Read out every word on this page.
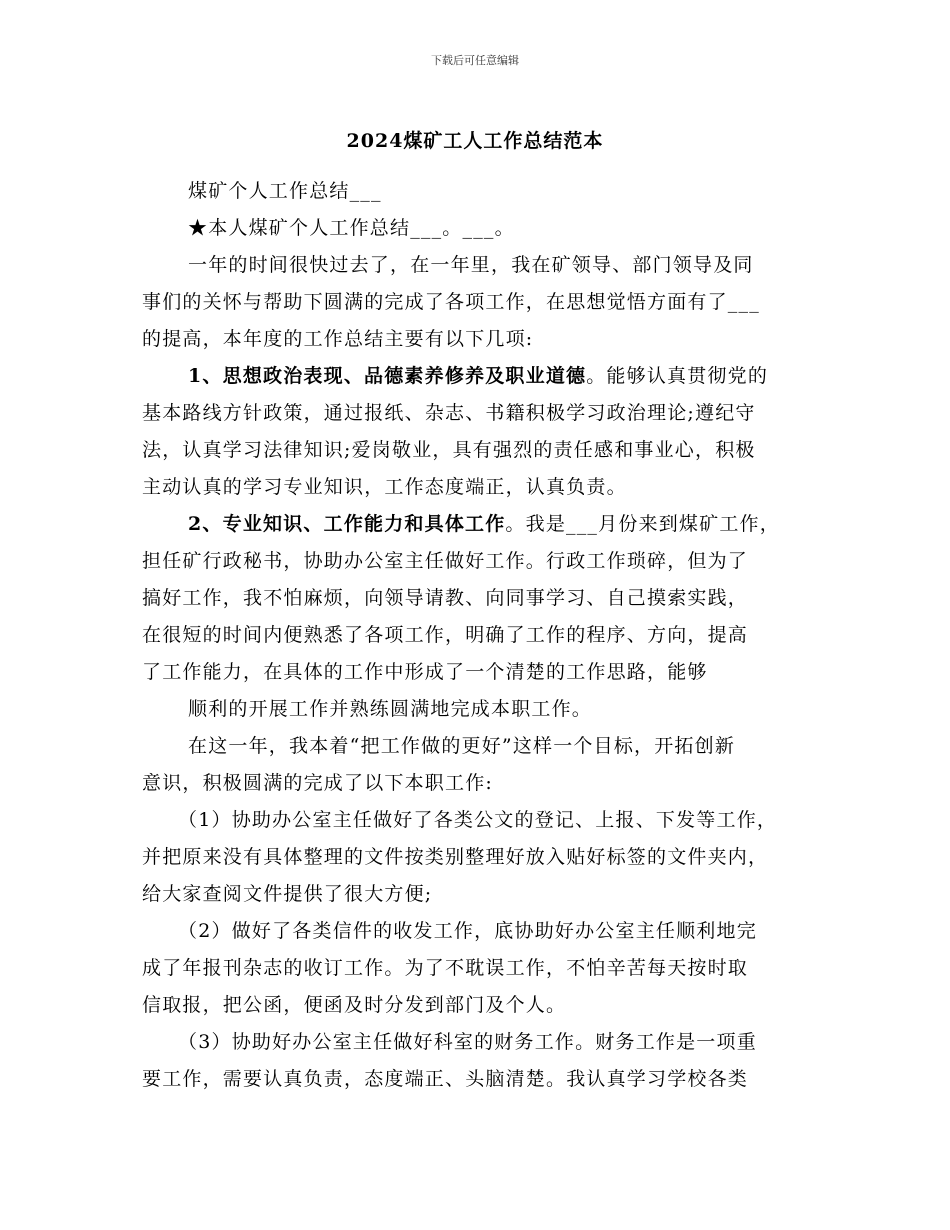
下载后可任意编辑
2024煤矿工人工作总结范本
煤矿个人工作总结___
★本人煤矿个人工作总结___。___。
一年的时间很快过去了，在一年里，我在矿领导、部门领导及同
事们的关怀与帮助下圆满的完成了各项工作，在思想觉悟方面有了___
的提高，本年度的工作总结主要有以下几项:
1、思想政治表现、品德素养修养及职业道德。能够认真贯彻党的
基本路线方针政策，通过报纸、杂志、书籍积极学习政治理论;遵纪守
法，认真学习法律知识;爱岗敬业，具有强烈的责任感和事业心，积极
主动认真的学习专业知识，工作态度端正，认真负责。
2、专业知识、工作能力和具体工作。我是___月份来到煤矿工作，
担任矿行政秘书，协助办公室主任做好工作。行政工作琐碎，但为了
搞好工作，我不怕麻烦，向领导请教、向同事学习、自己摸索实践，
在很短的时间内便熟悉了各项工作，明确了工作的程序、方向，提高
了工作能力，在具体的工作中形成了一个清楚的工作思路，能够
顺利的开展工作并熟练圆满地完成本职工作。
在这一年，我本着“把工作做的更好”这样一个目标，开拓创新
意识，积极圆满的完成了以下本职工作:
（1）协助办公室主任做好了各类公文的登记、上报、下发等工作，
并把原来没有具体整理的文件按类别整理好放入贴好标签的文件夹内，
给大家查阅文件提供了很大方便;
（2）做好了各类信件的收发工作，底协助好办公室主任顺利地完
成了年报刊杂志的收订工作。为了不耽误工作，不怕辛苦每天按时取
信取报，把公函，便函及时分发到部门及个人。
（3）协助好办公室主任做好科室的财务工作。财务工作是一项重
要工作，需要认真负责，态度端正、头脑清楚。我认真学习学校各类
